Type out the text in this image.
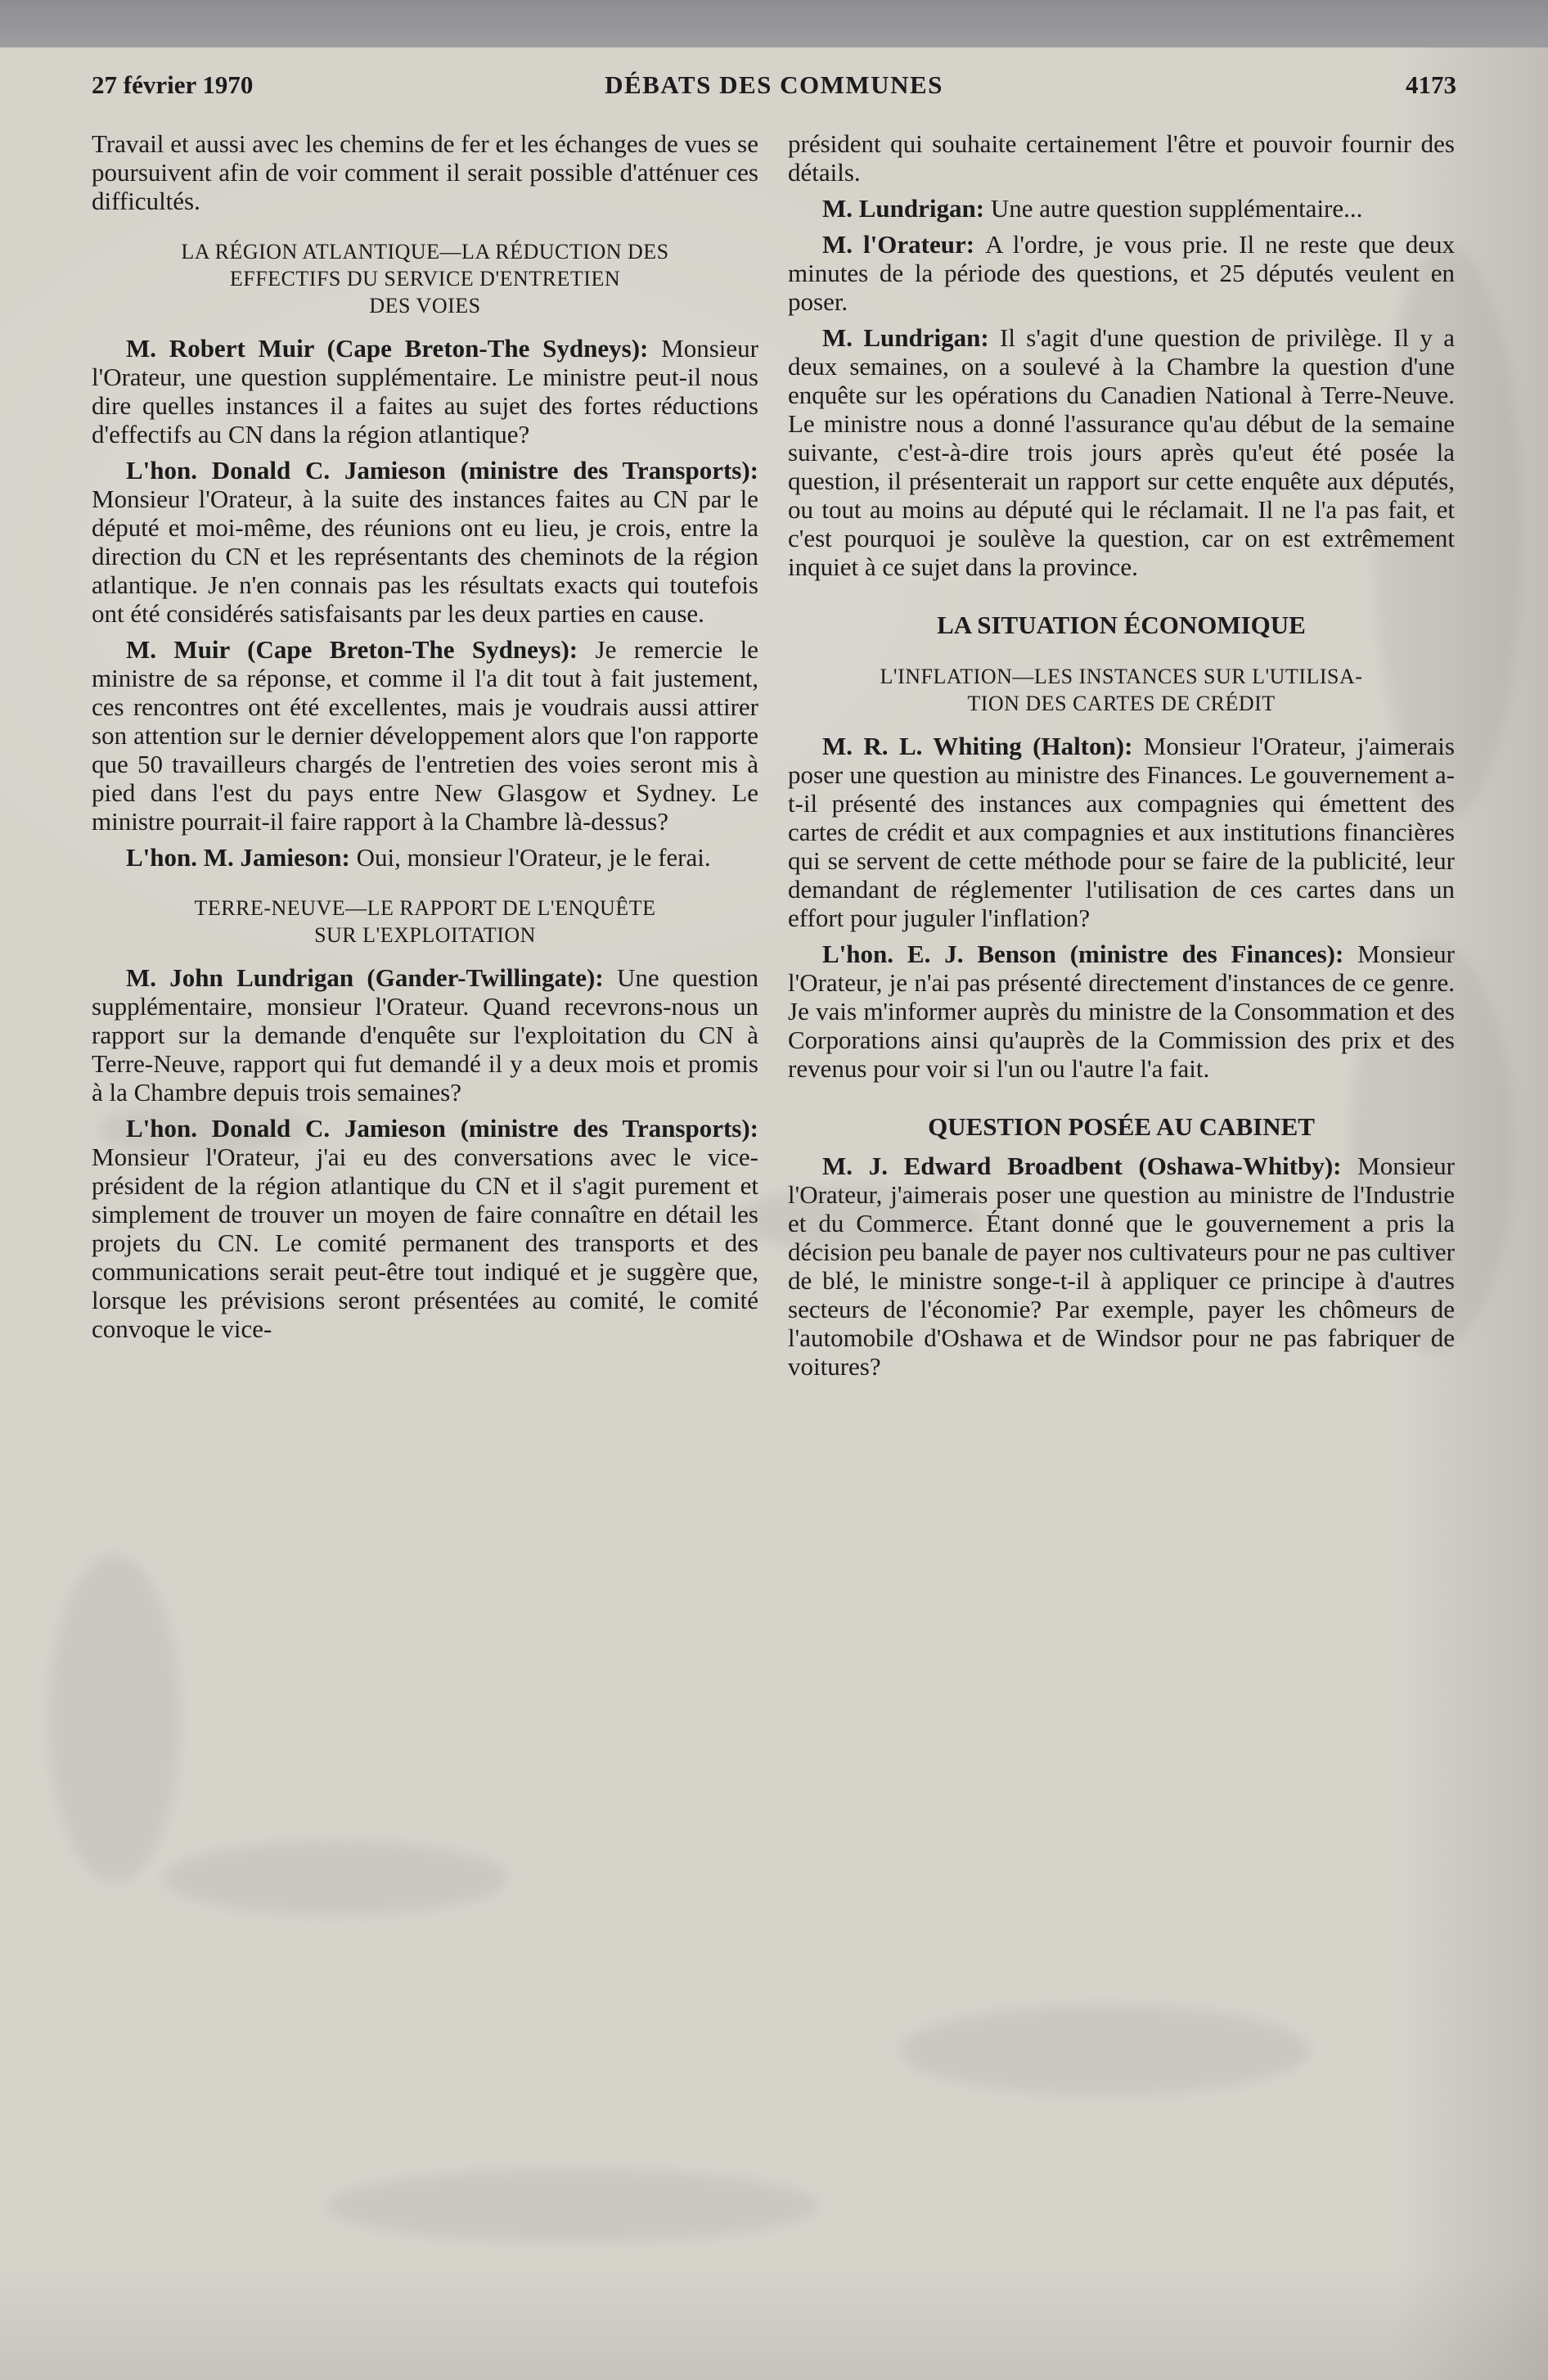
27 février 1970	DÉBATS DES COMMUNES	4173

Travail et aussi avec les chemins de fer et les échanges de vues se poursuivent afin de voir comment il serait possible d'atténuer ces difficultés.

LA RÉGION ATLANTIQUE—LA RÉDUCTION DES
EFFECTIFS DU SERVICE D'ENTRETIEN
DES VOIES

M. Robert Muir (Cape Breton-The Sydneys): Monsieur l'Orateur, une question supplémentaire. Le ministre peut-il nous dire quelles instances il a faites au sujet des fortes réductions d'effectifs au CN dans la région atlantique?

L'hon. Donald C. Jamieson (ministre des Transports): Monsieur l'Orateur, à la suite des instances faites au CN par le député et moi-même, des réunions ont eu lieu, je crois, entre la direction du CN et les représentants des cheminots de la région atlantique. Je n'en connais pas les résultats exacts qui toutefois ont été considérés satisfaisants par les deux parties en cause.

M. Muir (Cape Breton-The Sydneys): Je remercie le ministre de sa réponse, et comme il l'a dit tout à fait justement, ces rencontres ont été excellentes, mais je voudrais aussi attirer son attention sur le dernier développement alors que l'on rapporte que 50 travailleurs chargés de l'entretien des voies seront mis à pied dans l'est du pays entre New Glasgow et Sydney. Le ministre pourrait-il faire rapport à la Chambre là-dessus?

L'hon. M. Jamieson: Oui, monsieur l'Orateur, je le ferai.

TERRE-NEUVE—LE RAPPORT DE L'ENQUÊTE
SUR L'EXPLOITATION

M. John Lundrigan (Gander-Twillingate): Une question supplémentaire, monsieur l'Orateur. Quand recevrons-nous un rapport sur la demande d'enquête sur l'exploitation du CN à Terre-Neuve, rapport qui fut demandé il y a deux mois et promis à la Chambre depuis trois semaines?

L'hon. Donald C. Jamieson (ministre des Transports): Monsieur l'Orateur, j'ai eu des conversations avec le vice-président de la région atlantique du CN et il s'agit purement et simplement de trouver un moyen de faire connaître en détail les projets du CN. Le comité permanent des transports et des communications serait peut-être tout indiqué et je suggère que, lorsque les prévisions seront présentées au comité, le comité convoque le vice-

président qui souhaite certainement l'être et pouvoir fournir des détails.

M. Lundrigan: Une autre question supplémentaire...

M. l'Orateur: A l'ordre, je vous prie. Il ne reste que deux minutes de la période des questions, et 25 députés veulent en poser.

M. Lundrigan: Il s'agit d'une question de privilège. Il y a deux semaines, on a soulevé à la Chambre la question d'une enquête sur les opérations du Canadien National à Terre-Neuve. Le ministre nous a donné l'assurance qu'au début de la semaine suivante, c'est-à-dire trois jours après qu'eut été posée la question, il présenterait un rapport sur cette enquête aux députés, ou tout au moins au député qui le réclamait. Il ne l'a pas fait, et c'est pourquoi je soulève la question, car on est extrêmement inquiet à ce sujet dans la province.

LA SITUATION ÉCONOMIQUE
L'INFLATION—LES INSTANCES SUR L'UTILISA-
TION DES CARTES DE CRÉDIT

M. R. L. Whiting (Halton): Monsieur l'Orateur, j'aimerais poser une question au ministre des Finances. Le gouvernement a-t-il présenté des instances aux compagnies qui émettent des cartes de crédit et aux compagnies et aux institutions financières qui se servent de cette méthode pour se faire de la publicité, leur demandant de réglementer l'utilisation de ces cartes dans un effort pour juguler l'inflation?

L'hon. E. J. Benson (ministre des Finances): Monsieur l'Orateur, je n'ai pas présenté directement d'instances de ce genre. Je vais m'informer auprès du ministre de la Consommation et des Corporations ainsi qu'auprès de la Commission des prix et des revenus pour voir si l'un ou l'autre l'a fait.

QUESTION POSÉE AU CABINET

M. J. Edward Broadbent (Oshawa-Whitby): Monsieur l'Orateur, j'aimerais poser une question au ministre de l'Industrie et du Commerce. Étant donné que le gouvernement a pris la décision peu banale de payer nos cultivateurs pour ne pas cultiver de blé, le ministre songe-t-il à appliquer ce principe à d'autres secteurs de l'économie? Par exemple, payer les chômeurs de l'automobile d'Oshawa et de Windsor pour ne pas fabriquer de voitures?
